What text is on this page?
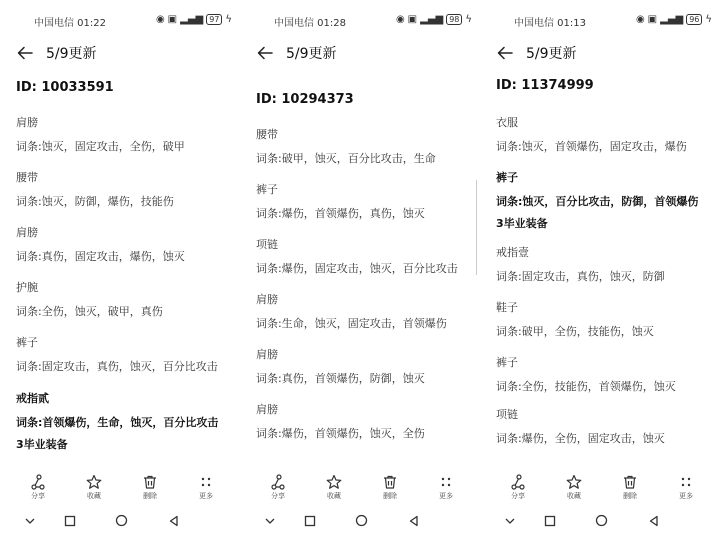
中国电信 01:22	◉ ▣ ▂▄▆ 97 ϟ
5/9更新
ID: 10033591
肩膀
词条:蚀灭，固定攻击，全伤，破甲
腰带
词条:蚀灭，防御，爆伤，技能伤
肩膀
词条:真伤，固定攻击，爆伤，蚀灭
护腕
词条:全伤，蚀灭，破甲，真伤
裤子
词条:固定攻击，真伤，蚀灭，百分比攻击
戒指贰
词条:首领爆伤，生命，蚀灭，百分比攻击
3毕业装备
分享	收藏	删除	更多
中国电信 01:28	◉ ▣ ▂▄▆ 98 ϟ
5/9更新
ID: 10294373
腰带
词条:破甲，蚀灭，百分比攻击，生命
裤子
词条:爆伤，首领爆伤，真伤，蚀灭
项链
词条:爆伤，固定攻击，蚀灭，百分比攻击
肩膀
词条:生命，蚀灭，固定攻击，首领爆伤
肩膀
词条:真伤，首领爆伤，防御，蚀灭
肩膀
词条:爆伤，首领爆伤，蚀灭，全伤
分享	收藏	删除	更多
中国电信 01:13	◉ ▣ ▂▄▆ 96 ϟ
5/9更新
ID: 11374999
衣服
词条:蚀灭，首领爆伤，固定攻击，爆伤
裤子
词条:蚀灭，百分比攻击，防御，首领爆伤
3毕业装备
戒指壹
词条:固定攻击，真伤，蚀灭，防御
鞋子
词条:破甲，全伤，技能伤，蚀灭
裤子
词条:全伤，技能伤，首领爆伤，蚀灭
项链
词条:爆伤，全伤，固定攻击，蚀灭
分享	收藏	删除	更多
